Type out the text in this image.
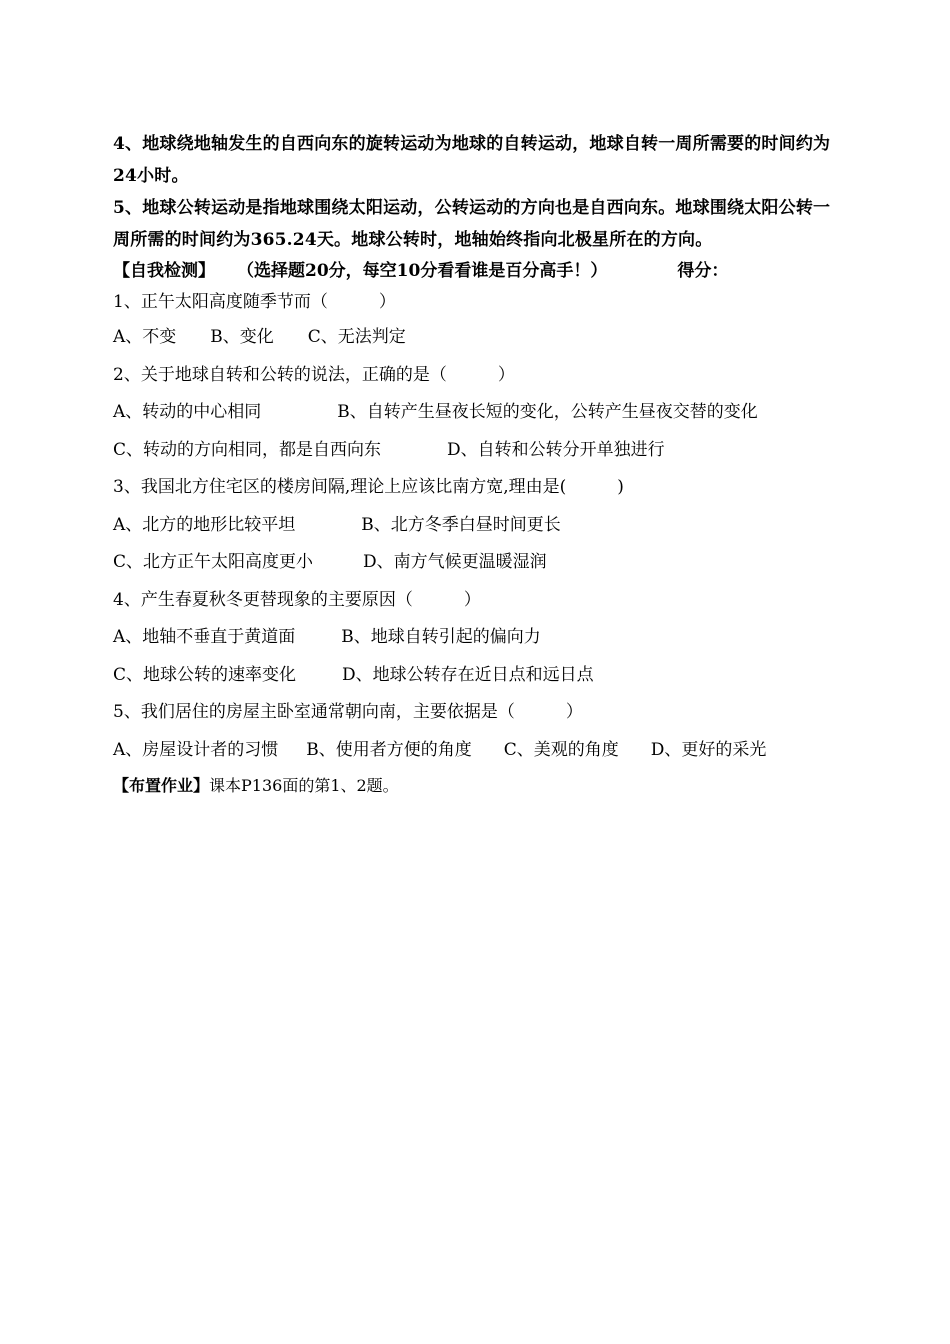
4、地球绕地轴发生的自西向东的旋转运动为地球的自转运动，地球自转一周所需要的时间约为24小时。

5、地球公转运动是指地球围绕太阳运动，公转运动的方向也是自西向东。地球围绕太阳公转一周所需的时间约为365.24天。地球公转时，地轴始终指向北极星所在的方向。

【自我检测】 （选择题20分，每空10分看看谁是百分高手！）	得分：
1、正午太阳高度随季节而（　　　）
A、不变 B、变化 C、无法判定
2、关于地球自转和公转的说法，正确的是（　　　）
A、转动的中心相同	B、自转产生昼夜长短的变化，公转产生昼夜交替的变化
C、转动的方向相同，都是自西向东	D、自转和公转分开单独进行
3、我国北方住宅区的楼房间隔,理论上应该比南方宽,理由是(　　　)
A、北方的地形比较平坦	B、北方冬季白昼时间更长
C、北方正午太阳高度更小	D、南方气候更温暖湿润
4、产生春夏秋冬更替现象的主要原因（　　　）
A、地轴不垂直于黄道面	B、地球自转引起的偏向力
C、地球公转的速率变化	D、地球公转存在近日点和远日点
5、我们居住的房屋主卧室通常朝向南，主要依据是（　　　）
A、房屋设计者的习惯 B、使用者方便的角度 C、美观的角度 D、更好的采光
【布置作业】课本P136面的第1、2题。
